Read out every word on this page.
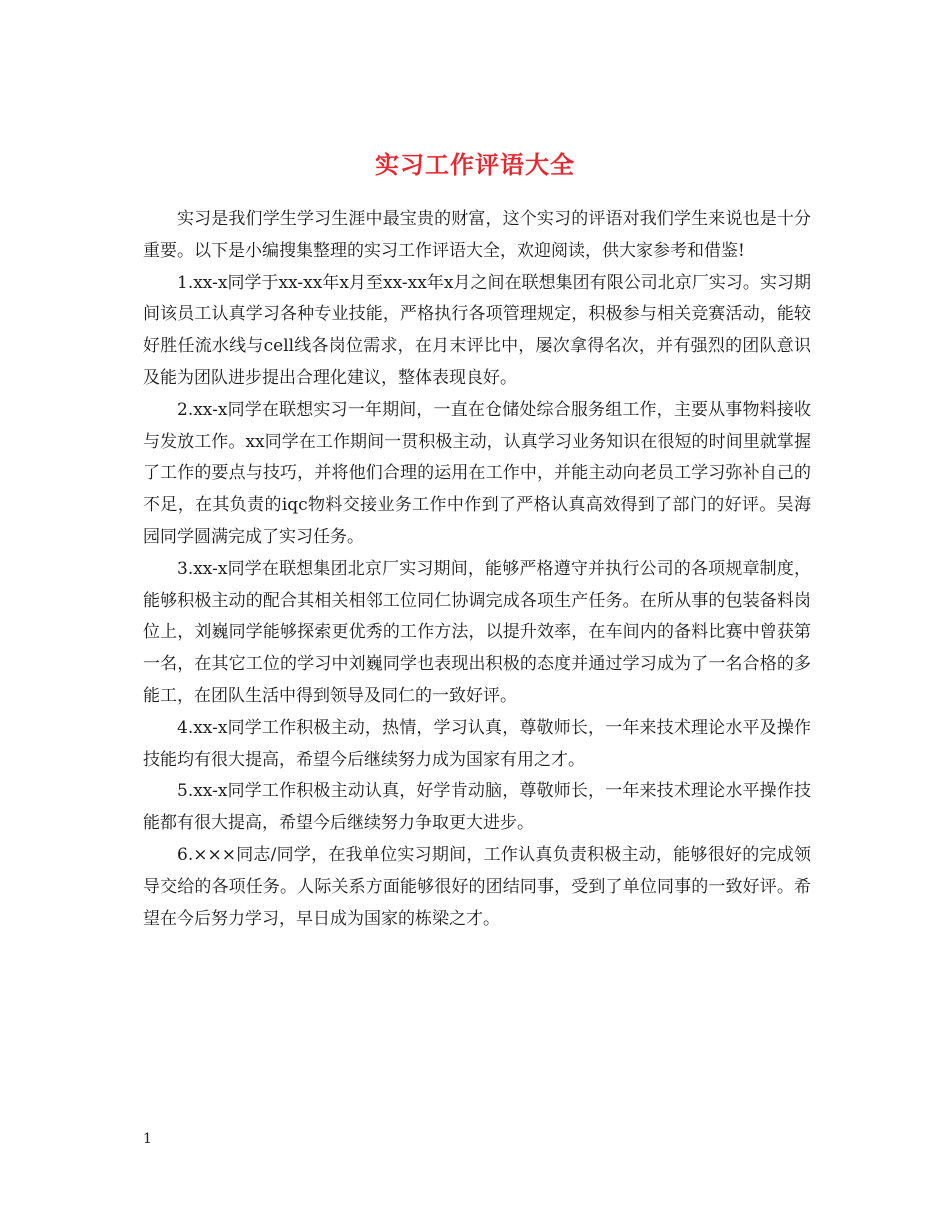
实习工作评语大全

实习是我们学生学习生涯中最宝贵的财富，这个实习的评语对我们学生来说也是十分重要。以下是小编搜集整理的实习工作评语大全，欢迎阅读，供大家参考和借鉴!

1.xx-x同学于xx-xx年x月至xx-xx年x月之间在联想集团有限公司北京厂实习。实习期间该员工认真学习各种专业技能，严格执行各项管理规定，积极参与相关竞赛活动，能较好胜任流水线与cell线各岗位需求，在月末评比中，屡次拿得名次，并有强烈的团队意识及能为团队进步提出合理化建议，整体表现良好。

2.xx-x同学在联想实习一年期间，一直在仓储处综合服务组工作，主要从事物料接收与发放工作。xx同学在工作期间一贯积极主动，认真学习业务知识在很短的时间里就掌握了工作的要点与技巧，并将他们合理的运用在工作中，并能主动向老员工学习弥补自己的不足，在其负责的iqc物料交接业务工作中作到了严格认真高效得到了部门的好评。吴海园同学圆满完成了实习任务。

3.xx-x同学在联想集团北京厂实习期间，能够严格遵守并执行公司的各项规章制度，能够积极主动的配合其相关相邻工位同仁协调完成各项生产任务。在所从事的包装备料岗位上，刘巍同学能够探索更优秀的工作方法，以提升效率，在车间内的备料比赛中曾获第一名，在其它工位的学习中刘巍同学也表现出积极的态度并通过学习成为了一名合格的多能工，在团队生活中得到领导及同仁的一致好评。

4.xx-x同学工作积极主动，热情，学习认真，尊敬师长，一年来技术理论水平及操作技能均有很大提高，希望今后继续努力成为国家有用之才。

5.xx-x同学工作积极主动认真，好学肯动脑，尊敬师长，一年来技术理论水平操作技能都有很大提高，希望今后继续努力争取更大进步。

6.×××同志/同学，在我单位实习期间，工作认真负责积极主动，能够很好的完成领导交给的各项任务。人际关系方面能够很好的团结同事，受到了单位同事的一致好评。希望在今后努力学习，早日成为国家的栋梁之才。

1
